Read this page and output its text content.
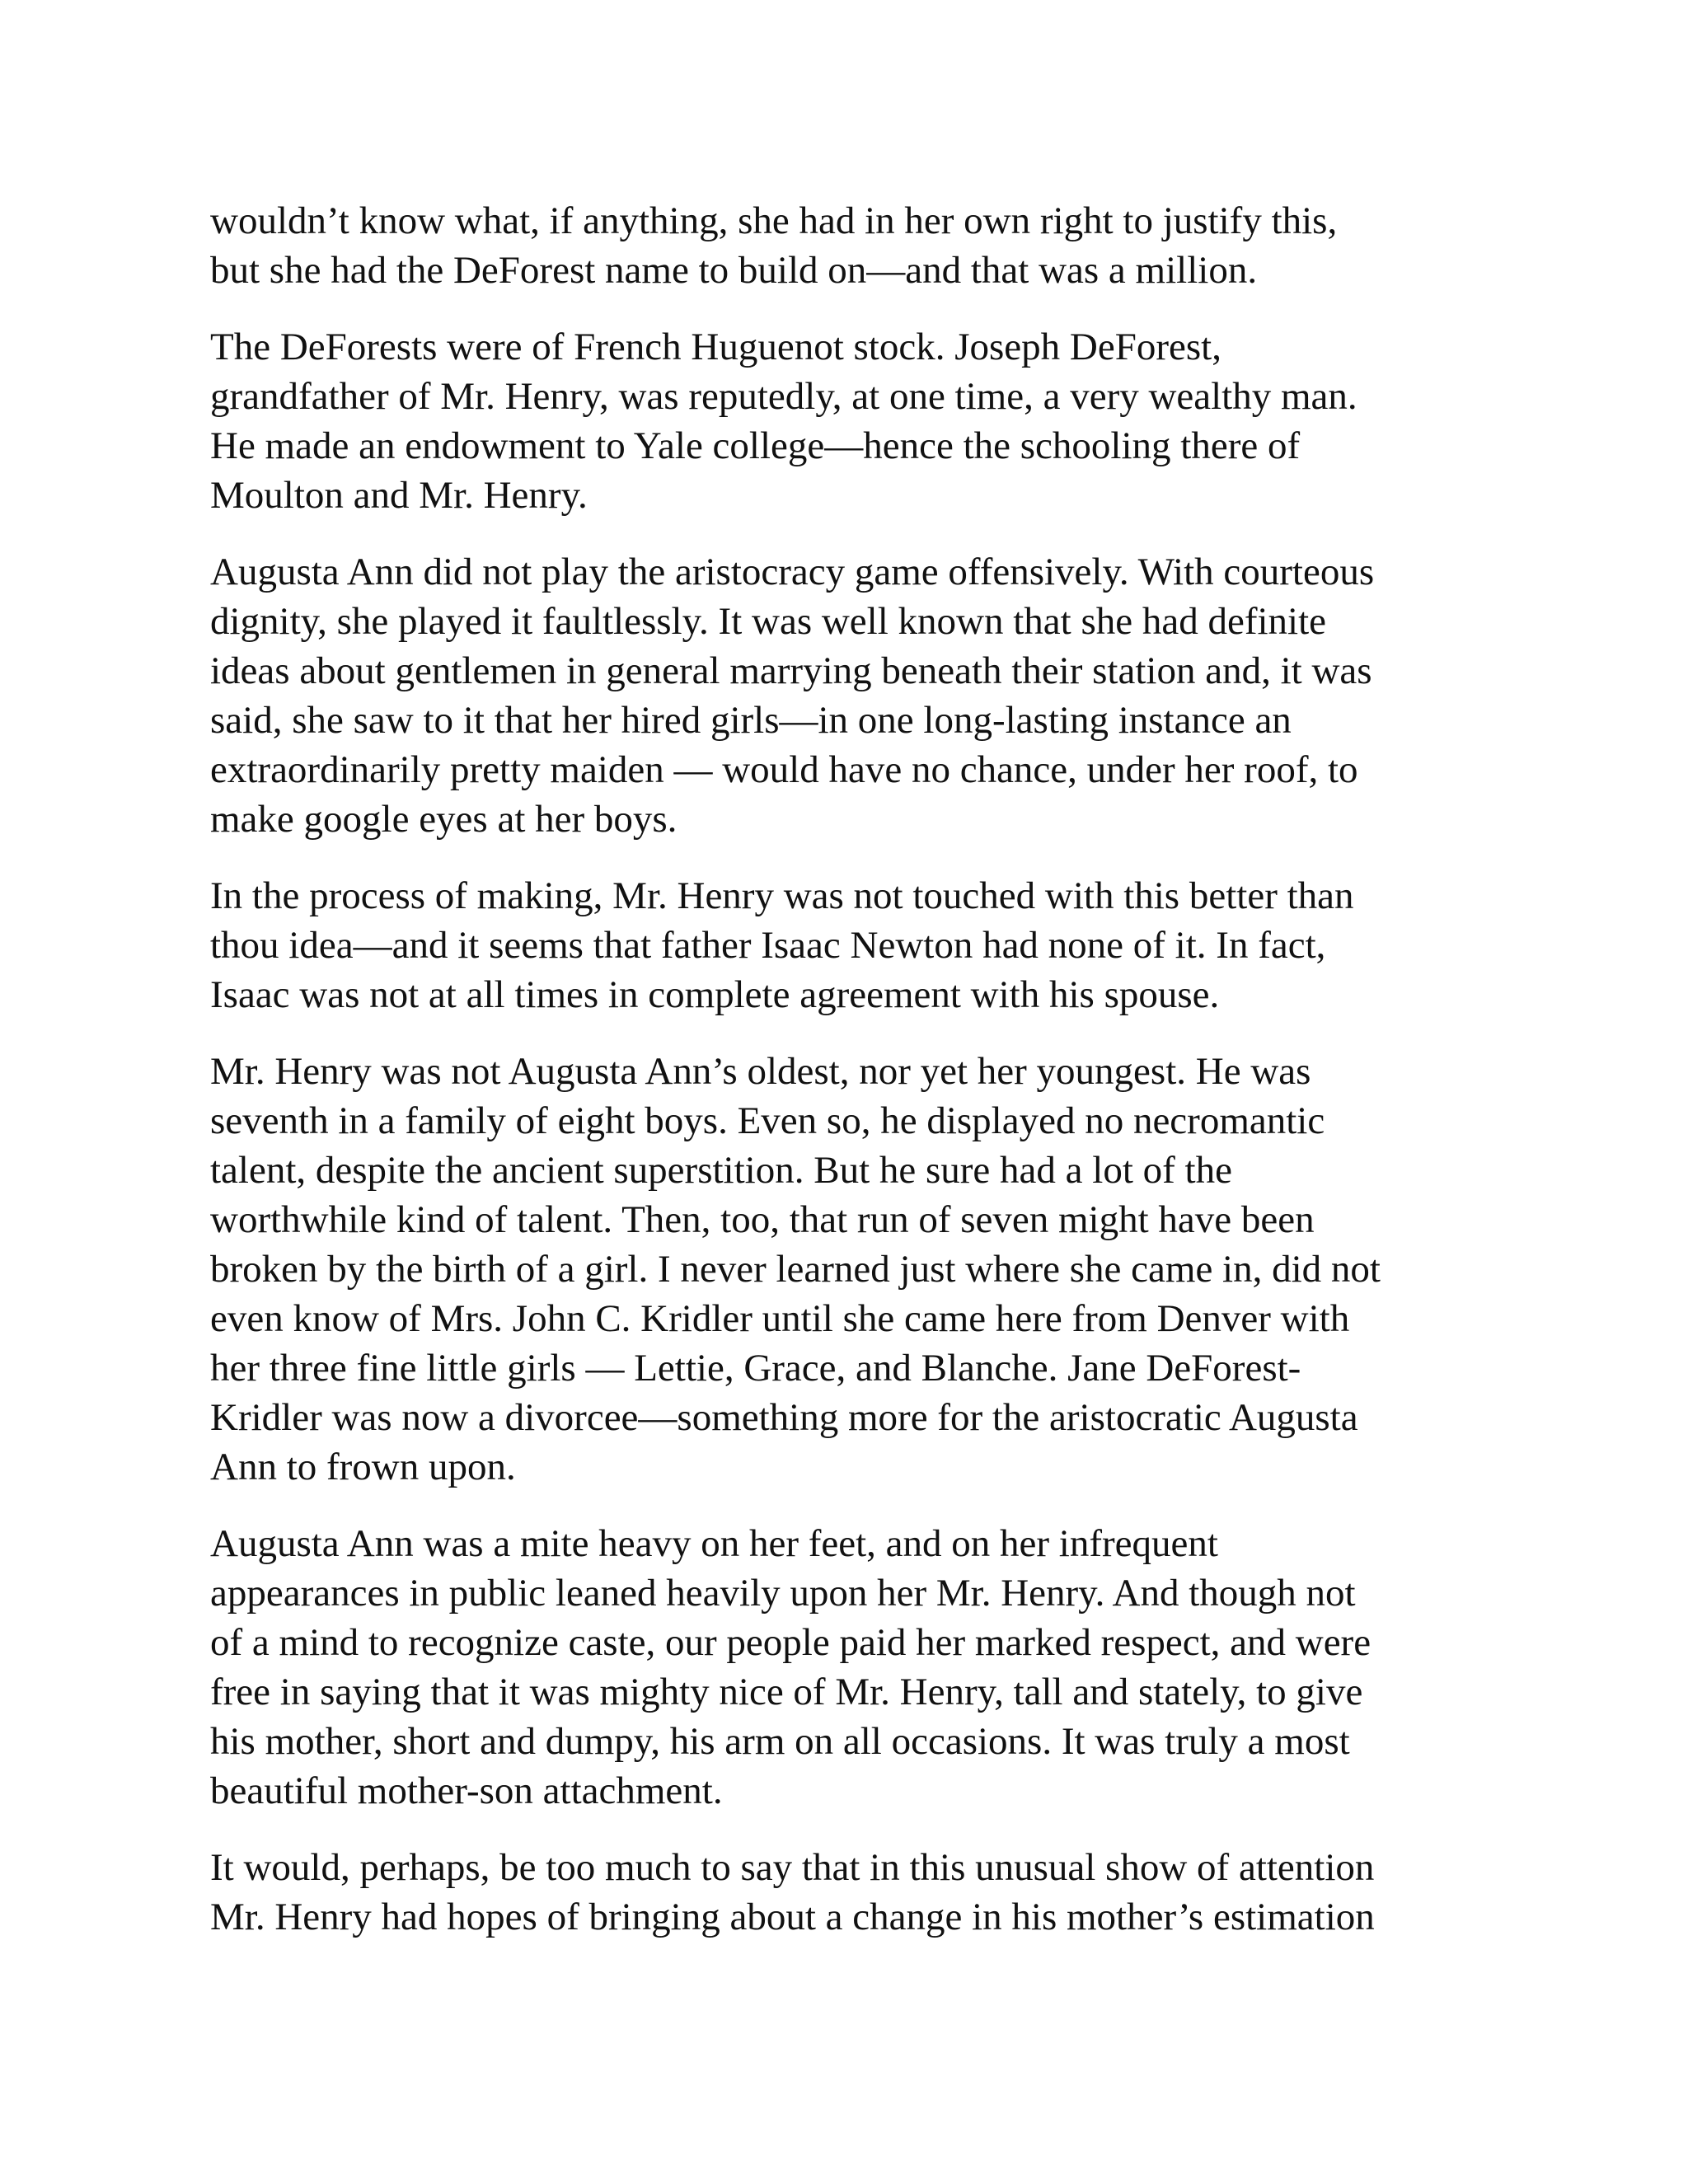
wouldn’t know what, if anything, she had in her own right to justify this,
but she had the DeForest name to build on—and that was a million.

The DeForests were of French Huguenot stock. Joseph DeForest,
grandfather of Mr. Henry, was reputedly, at one time, a very wealthy man.
He made an endowment to Yale college—hence the schooling there of
Moulton and Mr. Henry.

Augusta Ann did not play the aristocracy game offensively. With courteous
dignity, she played it faultlessly. It was well known that she had definite
ideas about gentlemen in general marrying beneath their station and, it was
said, she saw to it that her hired girls—in one long-lasting instance an
extraordinarily pretty maiden — would have no chance, under her roof, to
make google eyes at her boys.

In the process of making, Mr. Henry was not touched with this better than
thou idea—and it seems that father Isaac Newton had none of it. In fact,
Isaac was not at all times in complete agreement with his spouse.

Mr. Henry was not Augusta Ann’s oldest, nor yet her youngest. He was
seventh in a family of eight boys. Even so, he displayed no necromantic
talent, despite the ancient superstition. But he sure had a lot of the
worthwhile kind of talent. Then, too, that run of seven might have been
broken by the birth of a girl. I never learned just where she came in, did not
even know of Mrs. John C. Kridler until she came here from Denver with
her three fine little girls — Lettie, Grace, and Blanche. Jane DeForest-
Kridler was now a divorcee—something more for the aristocratic Augusta
Ann to frown upon.

Augusta Ann was a mite heavy on her feet, and on her infrequent
appearances in public leaned heavily upon her Mr. Henry. And though not
of a mind to recognize caste, our people paid her marked respect, and were
free in saying that it was mighty nice of Mr. Henry, tall and stately, to give
his mother, short and dumpy, his arm on all occasions. It was truly a most
beautiful mother-son attachment.

It would, perhaps, be too much to say that in this unusual show of attention
Mr. Henry had hopes of bringing about a change in his mother’s estimation
